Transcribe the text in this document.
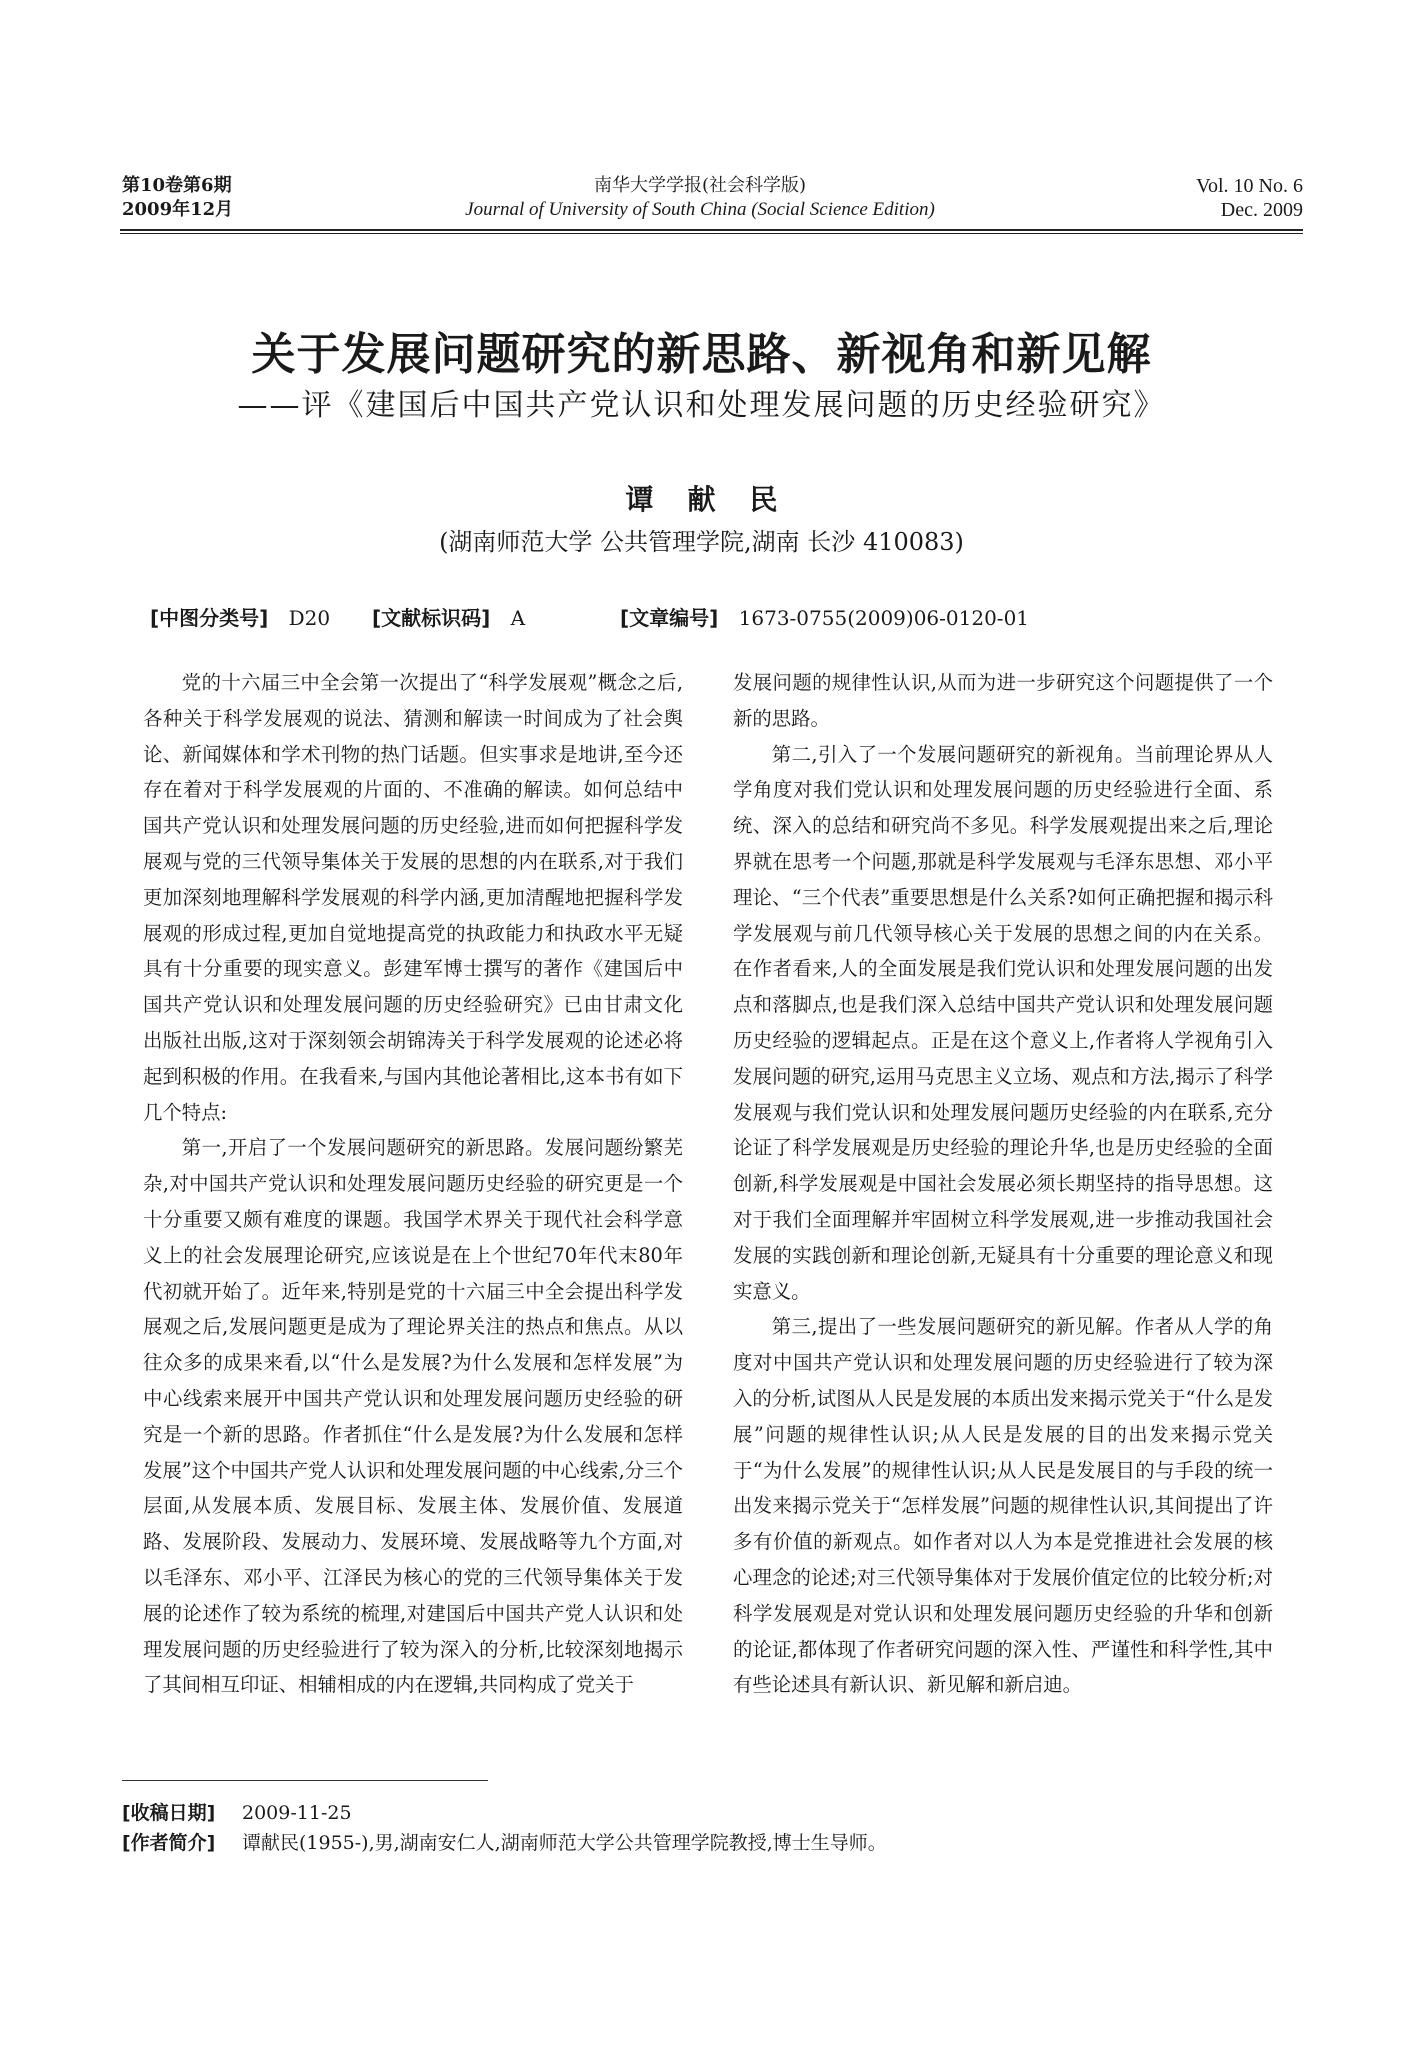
第10卷第6期
2009年12月
南华大学学报(社会科学版)
Journal of University of South China (Social Science Edition)
Vol. 10 No. 6
Dec. 2009
关于发展问题研究的新思路、新视角和新见解
——评《建国后中国共产党认识和处理发展问题的历史经验研究》
谭献民
(湖南师范大学 公共管理学院,湖南 长沙 410083)
[中图分类号] D20 [文献标识码] A	[文章编号] 1673-0755(2009)06-0120-01

党的十六届三中全会第一次提出了“科学发展观”概念之后,各种关于科学发展观的说法、猜测和解读一时间成为了社会舆论、新闻媒体和学术刊物的热门话题。但实事求是地讲,至今还存在着对于科学发展观的片面的、不准确的解读。如何总结中国共产党认识和处理发展问题的历史经验,进而如何把握科学发展观与党的三代领导集体关于发展的思想的内在联系,对于我们更加深刻地理解科学发展观的科学内涵,更加清醒地把握科学发展观的形成过程,更加自觉地提高党的执政能力和执政水平无疑具有十分重要的现实意义。彭建军博士撰写的著作《建国后中国共产党认识和处理发展问题的历史经验研究》已由甘肃文化出版社出版,这对于深刻领会胡锦涛关于科学发展观的论述必将起到积极的作用。在我看来,与国内其他论著相比,这本书有如下几个特点:

第一,开启了一个发展问题研究的新思路。发展问题纷繁芜杂,对中国共产党认识和处理发展问题历史经验的研究更是一个十分重要又颇有难度的课题。我国学术界关于现代社会科学意义上的社会发展理论研究,应该说是在上个世纪70年代末80年代初就开始了。近年来,特别是党的十六届三中全会提出科学发展观之后,发展问题更是成为了理论界关注的热点和焦点。从以往众多的成果来看,以“什么是发展?为什么发展和怎样发展”为中心线索来展开中国共产党认识和处理发展问题历史经验的研究是一个新的思路。作者抓住“什么是发展?为什么发展和怎样发展”这个中国共产党人认识和处理发展问题的中心线索,分三个层面,从发展本质、发展目标、发展主体、发展价值、发展道路、发展阶段、发展动力、发展环境、发展战略等九个方面,对以毛泽东、邓小平、江泽民为核心的党的三代领导集体关于发展的论述作了较为系统的梳理,对建国后中国共产党人认识和处理发展问题的历史经验进行了较为深入的分析,比较深刻地揭示了其间相互印证、相辅相成的内在逻辑,共同构成了党关于

发展问题的规律性认识,从而为进一步研究这个问题提供了一个新的思路。

第二,引入了一个发展问题研究的新视角。当前理论界从人学角度对我们党认识和处理发展问题的历史经验进行全面、系统、深入的总结和研究尚不多见。科学发展观提出来之后,理论界就在思考一个问题,那就是科学发展观与毛泽东思想、邓小平理论、“三个代表”重要思想是什么关系?如何正确把握和揭示科学发展观与前几代领导核心关于发展的思想之间的内在关系。在作者看来,人的全面发展是我们党认识和处理发展问题的出发点和落脚点,也是我们深入总结中国共产党认识和处理发展问题历史经验的逻辑起点。正是在这个意义上,作者将人学视角引入发展问题的研究,运用马克思主义立场、观点和方法,揭示了科学发展观与我们党认识和处理发展问题历史经验的内在联系,充分论证了科学发展观是历史经验的理论升华,也是历史经验的全面创新,科学发展观是中国社会发展必须长期坚持的指导思想。这对于我们全面理解并牢固树立科学发展观,进一步推动我国社会发展的实践创新和理论创新,无疑具有十分重要的理论意义和现实意义。

第三,提出了一些发展问题研究的新见解。作者从人学的角度对中国共产党认识和处理发展问题的历史经验进行了较为深入的分析,试图从人民是发展的本质出发来揭示党关于“什么是发展”问题的规律性认识;从人民是发展的目的出发来揭示党关于“为什么发展”的规律性认识;从人民是发展目的与手段的统一出发来揭示党关于“怎样发展”问题的规律性认识,其间提出了许多有价值的新观点。如作者对以人为本是党推进社会发展的核心理念的论述;对三代领导集体对于发展价值定位的比较分析;对科学发展观是对党认识和处理发展问题历史经验的升华和创新的论证,都体现了作者研究问题的深入性、严谨性和科学性,其中有些论述具有新认识、新见解和新启迪。

[收稿日期] 2009-11-25
[作者简介] 谭献民(1955-),男,湖南安仁人,湖南师范大学公共管理学院教授,博士生导师。
